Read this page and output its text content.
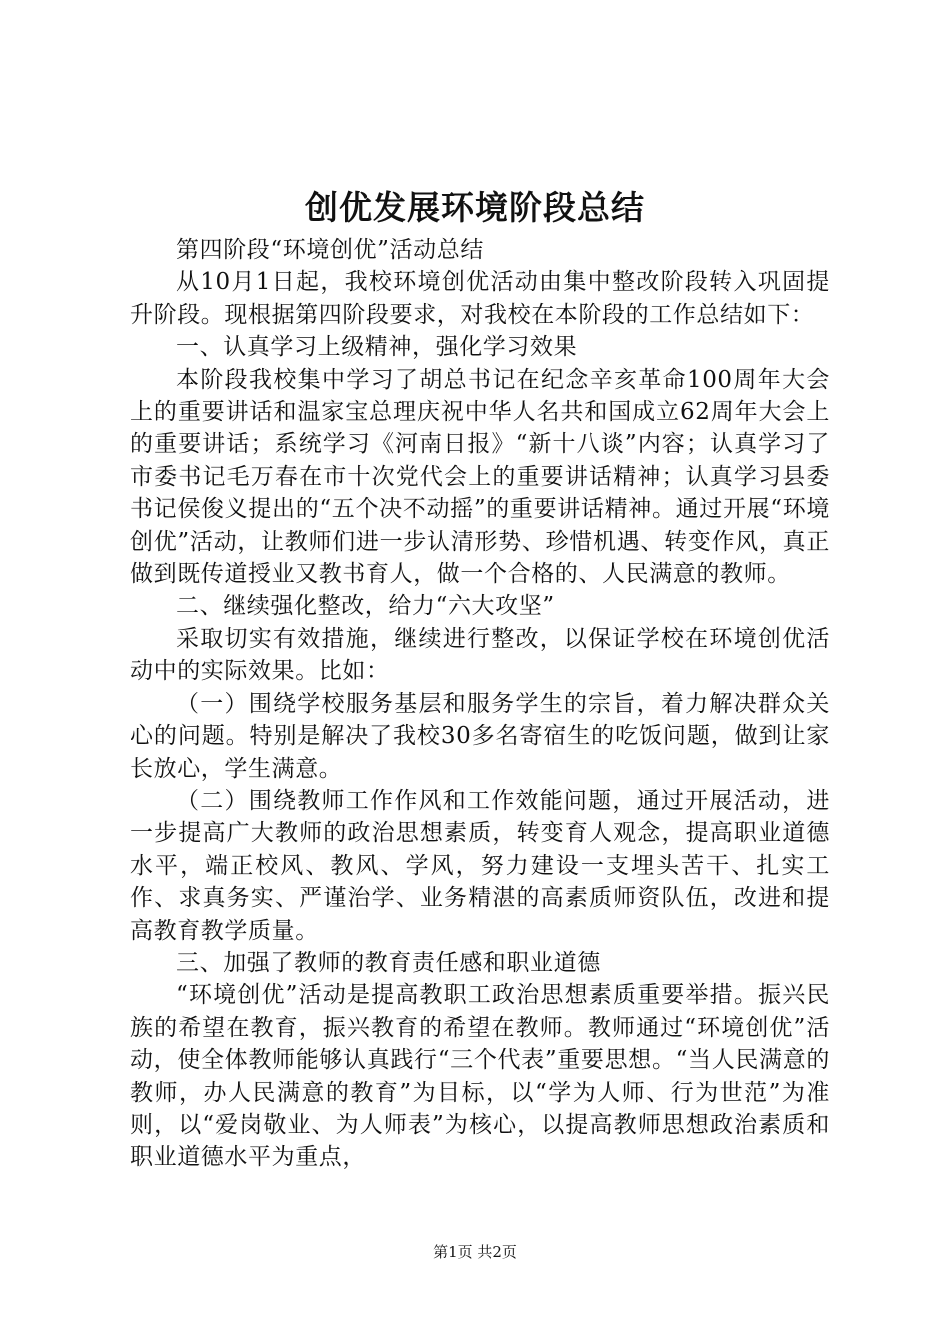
创优发展环境阶段总结

第四阶段“环境创优”活动总结

从10月1日起，我校环境创优活动由集中整改阶段转入巩固提升阶段。现根据第四阶段要求，对我校在本阶段的工作总结如下：

一、认真学习上级精神，强化学习效果

本阶段我校集中学习了胡总书记在纪念辛亥革命100周年大会上的重要讲话和温家宝总理庆祝中华人名共和国成立62周年大会上的重要讲话；系统学习《河南日报》“新十八谈”内容；认真学习了市委书记毛万春在市十次党代会上的重要讲话精神；认真学习县委书记侯俊义提出的“五个决不动摇”的重要讲话精神。通过开展“环境创优”活动，让教师们进一步认清形势、珍惜机遇、转变作风，真正做到既传道授业又教书育人，做一个合格的、人民满意的教师。

二、继续强化整改，给力“六大攻坚”

采取切实有效措施，继续进行整改，以保证学校在环境创优活动中的实际效果。比如：

（一）围绕学校服务基层和服务学生的宗旨，着力解决群众关心的问题。特别是解决了我校30多名寄宿生的吃饭问题，做到让家长放心，学生满意。

（二）围绕教师工作作风和工作效能问题，通过开展活动，进一步提高广大教师的政治思想素质，转变育人观念，提高职业道德水平，端正校风、教风、学风，努力建设一支埋头苦干、扎实工作、求真务实、严谨治学、业务精湛的高素质师资队伍，改进和提高教育教学质量。

三、加强了教师的教育责任感和职业道德

“环境创优”活动是提高教职工政治思想素质重要举措。振兴民族的希望在教育，振兴教育的希望在教师。教师通过“环境创优”活动，使全体教师能够认真践行“三个代表”重要思想。“当人民满意的教师，办人民满意的教育”为目标，以“学为人师、行为世范”为准则，以“爱岗敬业、为人师表”为核心，以提高教师思想政治素质和职业道德水平为重点，

第1页 共2页
